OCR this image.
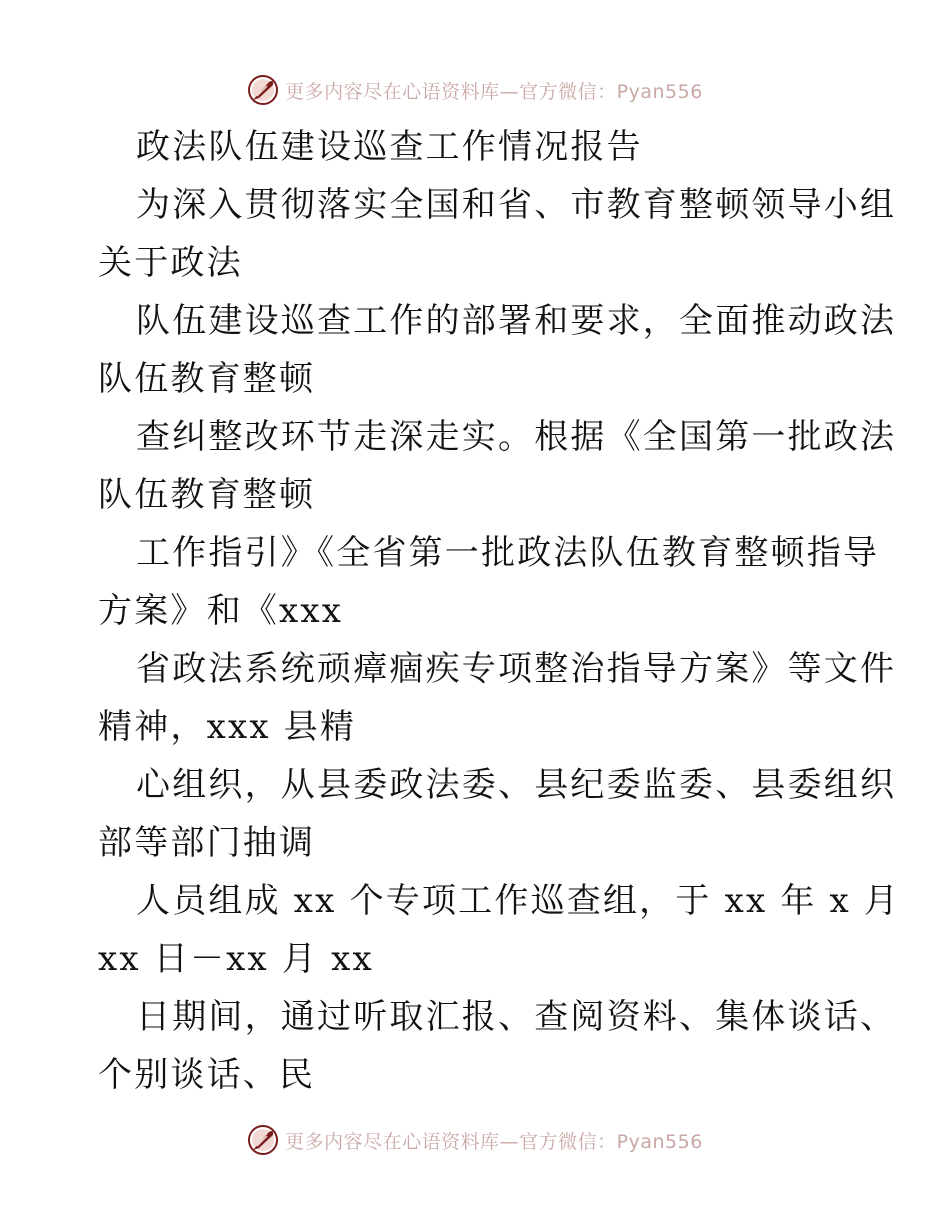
更多内容尽在心语资料库—官方微信：Pyan556
政法队伍建设巡查工作情况报告
为深入贯彻落实全国和省、市教育整顿领导小组
关于政法
队伍建设巡查工作的部署和要求，全面推动政法
队伍教育整顿
查纠整改环节走深走实。根据《全国第一批政法
队伍教育整顿
工作指引》《全省第一批政法队伍教育整顿指导
方案》和《xxx
省政法系统顽瘴痼疾专项整治指导方案》等文件
精神，xxx 县精
心组织，从县委政法委、县纪委监委、县委组织
部等部门抽调
人员组成 xx 个专项工作巡查组，于 xx 年 x 月
xx 日－xx 月 xx
日期间，通过听取汇报、查阅资料、集体谈话、
个别谈话、民
更多内容尽在心语资料库—官方微信：Pyan556
